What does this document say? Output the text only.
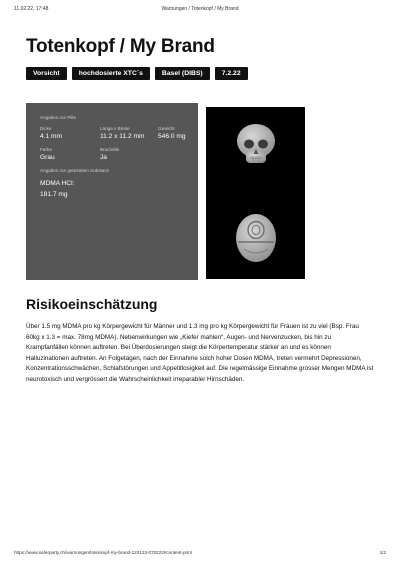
11.02.22, 17:48	Warnungen / Totenkopf / My Brand
Totenkopf / My Brand
Vorsicht	hochdosierte XTC´s	Basel (DIBS)	7.2.22
Angaben zur Pille
Dicke
4.1 mm
Länge x Breite
11.2 x 11.2 mm
Gewicht
546.0 mg
Farbe
Grau
Bruchrille
Ja
Angaben zur getesteten Substanz
MDMA HCl: 181.7 mg
Risikoeinschätzung

Über 1.5 mg MDMA pro kg Körpergewicht für Männer und 1.3 mg pro kg Körpergewicht für Frauen ist zu viel (Bsp. Frau 60kg x 1.3 = max. 78mg MDMA). Nebenwirkungen wie „Kiefer mahlen“, Augen- und Nervenzucken, bis hin zu Krampfanfällen können auftreten. Bei Überdosierungen steigt die Körpertemperatur stärker an und es können Halluzinationen auftreten. An Folgetagen, nach der Einnahme solch hoher Dosen MDMA, treten vermehrt Depressionen, Konzentrationsschwächen, Schlafstörungen und Appetitlosigkeit auf. Die regelmässige Einnahme grosser Mengen MDMA ist neurotoxisch und vergrössert die Wahrscheinlichkeit irreparabler Hirnschäden.

https://www.saferparty.ch/warnungen/totenkopf-my-brand-120123-070222#content-print	1/2
